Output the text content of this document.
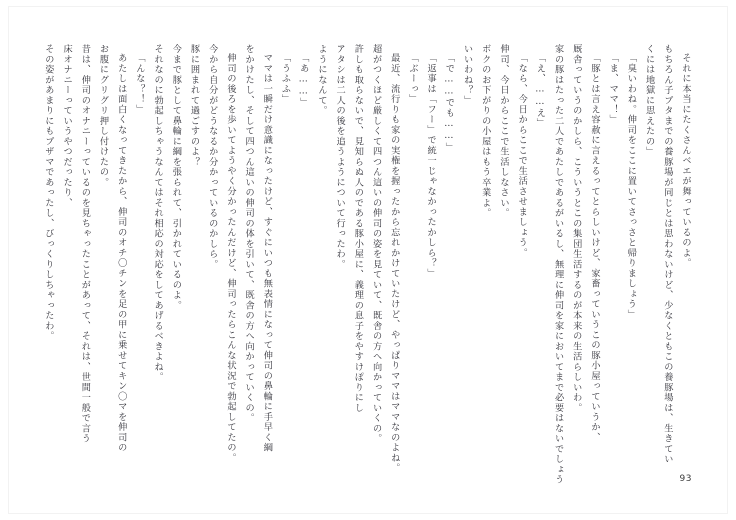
それに本当にたくさんベエが舞っているのよ。
もちろん子ブタまでの養豚場が同じとは思わないけど、少なくともこの養豚場は、生きてい
くには地獄に思えたの」
「臭いわね。伸司をここに置いてさっさと帰りましょう」
「ま、ママ！」
「豚とは言え容赦に言えるってとらしいけど、家畜っていうこの豚小屋っていうか、
厩舎っていうのかしら、こういうとこの集団生活するのが本来の生活らしいわ。
家の豚はたった二人であたしであるがいるし、無理に伸司を家においてまで必要はないでしょう
「え、……え」
「なら、今日からここで生活させましょう。
伸司、今日からここで生活しなさい。
ボクのお下がりの小屋はもう卒業よ。
いいわね？」
「で……でも……」
「返事は「フー」で統一じゃなかったかしら？」
「ぶーっ」
最近、流行りも家の実権を握ったから忘れかけていたけど、やっぱりママはママなのよね。
超がつくほど厳しくて四つん這いの伸司の姿を見ていて、既舎の方へ向かっていくの。
許しも取らないで、見知らぬ人のである豚小屋に、義理の息子をやすけぽりにし
アタシは二人の後を追うようについて行ったわ。
ようになんて。
「あ……」
「うふふ」
ママは一瞬だけ意識になったけど、すぐにいつも無表情になって伸司の鼻輪に手早く綱
をかけたし、そして四つん這いの伸司の体を引いて、既舎の方へ向かっていくの。
伸司の後ろを歩いてようやく分かったんだけど、伸司ったらこんな状況で勃起してたの。
今から自分がどうなるか分かっているのかしら。
豚に囲まれて過ごすのよ？
今まで豚として鼻輪に綱を張られて、引かれているのよ。
それなのに勃起しちゃうなんてはそれ相応の対応をしてあげるべきよね。
「んな？！」
あたしは面白くなってきたから、伸司のオチ〇チンを足の甲に乗せてキン〇マを伸司の
お腹にグリグリ押し付けたの。
昔は、伸司のオナニーっているのを見ちゃったことがあって、それは、世間一般で言う
床オナニーっていうやつだったり、
その姿があまりにもブザマであったし、びっくりしちゃったわ。
93
